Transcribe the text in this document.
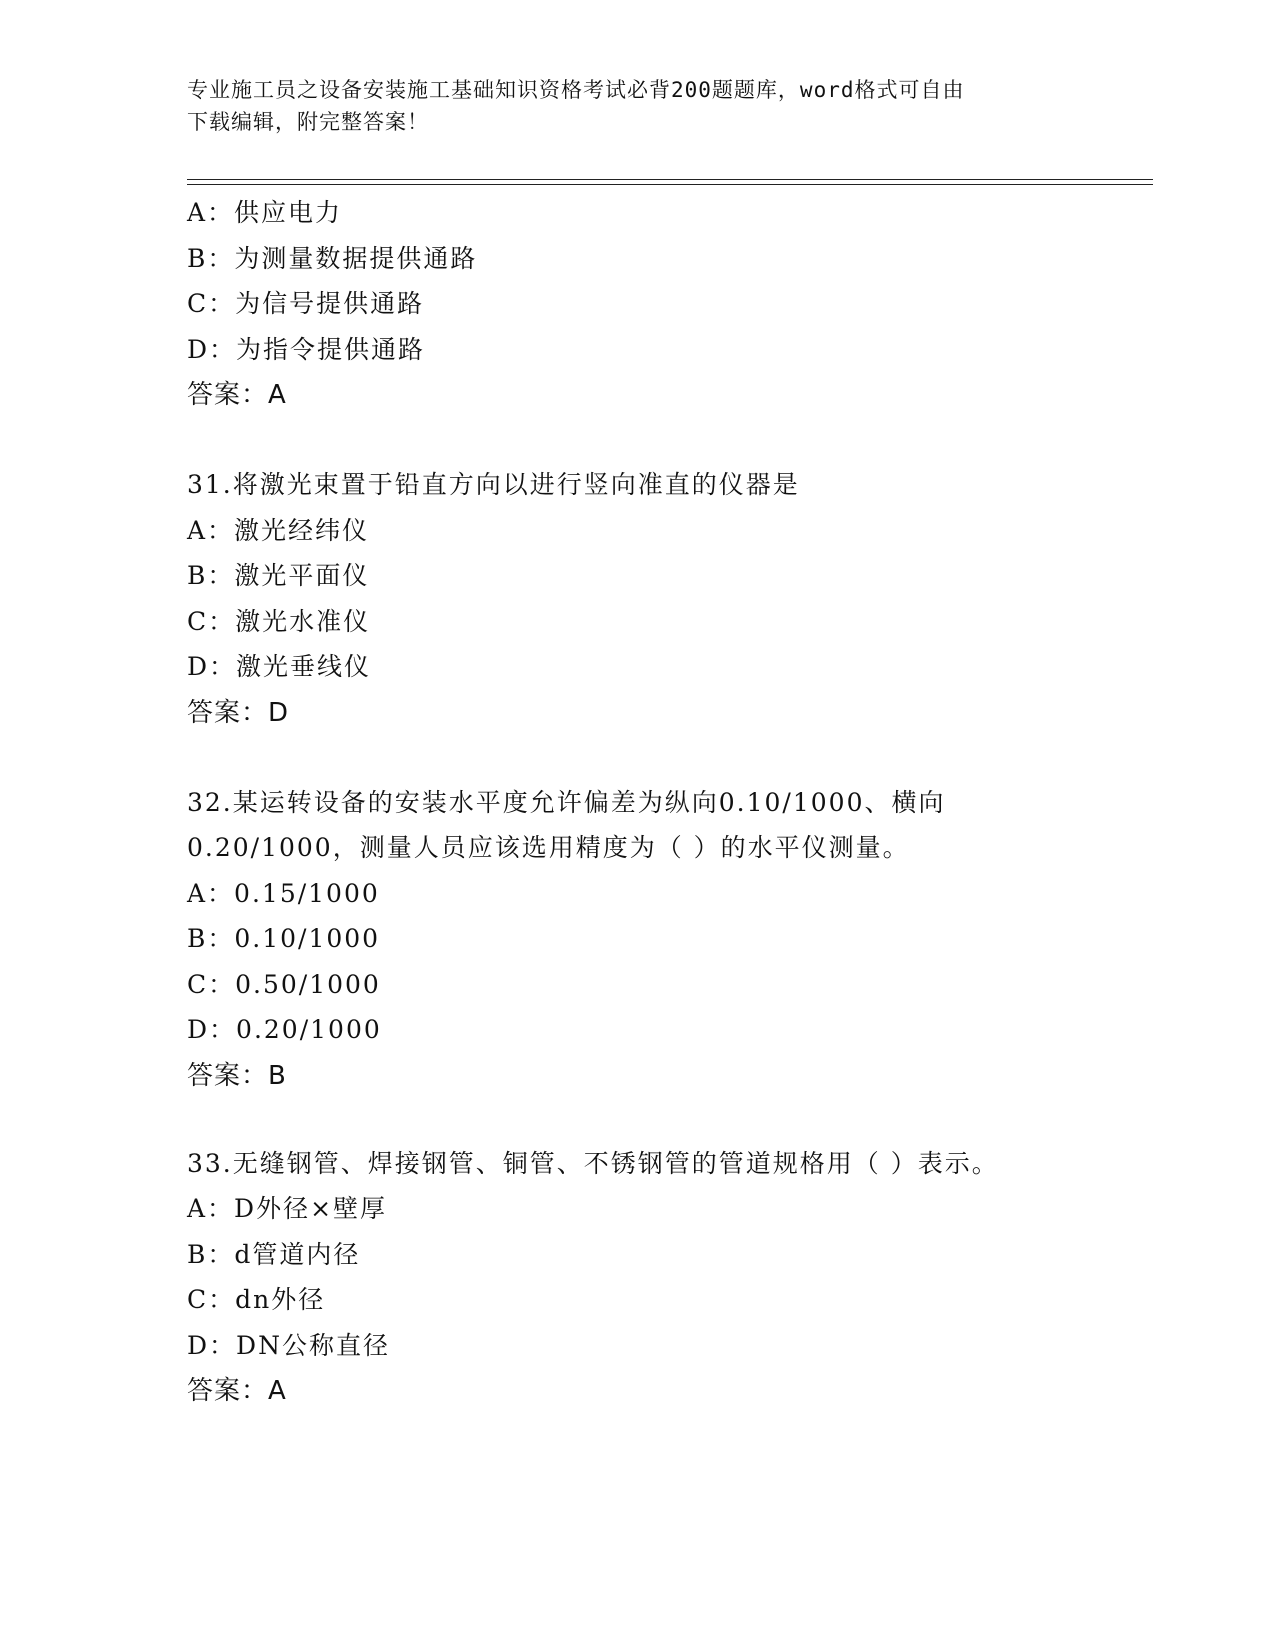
专业施工员之设备安装施工基础知识资格考试必背200题题库，word格式可自由
下载编辑，附完整答案！
A：供应电力
B：为测量数据提供通路
C：为信号提供通路
D：为指令提供通路
答案：A
31.将激光束置于铅直方向以进行竖向准直的仪器是
A：激光经纬仪
B：激光平面仪
C：激光水准仪
D：激光垂线仪
答案：D
32.某运转设备的安装水平度允许偏差为纵向0.10/1000、横向
0.20/1000，测量人员应该选用精度为（ ）的水平仪测量。
A：0.15/1000
B：0.10/1000
C：0.50/1000
D：0.20/1000
答案：B
33.无缝钢管、焊接钢管、铜管、不锈钢管的管道规格用（ ）表示。
A：D外径×壁厚
B：d管道内径
C：dn外径
D：DN公称直径
答案：A
